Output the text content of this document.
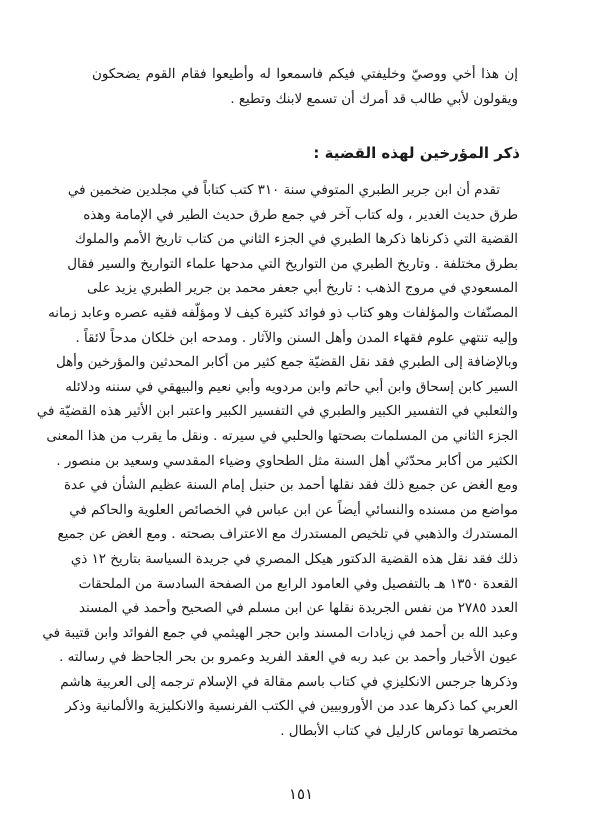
إن هذا أخي ووصيّ وخليفتي فيكم فاسمعوا له وأطيعوا فقام القوم يضحكون ويقولون لأبي طالب قد أمرك أن تسمع لابنك وتطيع .
ذكر المؤرخين لهذه القضية :
تقدم أن ابن جرير الطبري المتوفي سنة ٣١٠ كتب كتاباً في مجلدين ضخمين في
طرق حديث الغدير ، وله كتاب آخر في جمع طرق حديث الطير في الإمامة وهذه
القضية التي ذكرناها ذكرها الطبري في الجزء الثاني من كتاب تاريخ الأمم والملوك
بطرق مختلفة . وتاريخ الطبري من التواريخ التي مدحها علماء التواريخ والسير فقال
المسعودي في مروج الذهب : تاريخ أبي جعفر محمد بن جرير الطبري يزيد على
المصنّفات والمؤلفات وهو كتاب ذو فوائد كثيرة كيف لا ومؤلّفه فقيه عصره وعابد زمانه
وإليه تنتهي علوم فقهاء المدن وأهل السنن والآثار . ومدحه ابن خلكان مدحاً لائقاً .
وبالإضافة إلى الطبري فقد نقل القضيّة جمع كثير من أكابر المحدثين والمؤرخين وأهل
السير كابن إسحاق وابن أبي حاتم وابن مردويه وأبي نعيم والبيهقي في سننه ودلائله
والثعلبي في التفسير الكبير والطبري في التفسير الكبير واعتبر ابن الأثير هذه القضيّة في
الجزء الثاني من المسلمات بصحتها والحلبي في سيرته . ونقل ما يقرب من هذا المعنى
الكثير من أكابر محدّثي أهل السنة مثل الطحاوي وضياء المقدسي وسعيد بن منصور .
ومع الغض عن جميع ذلك فقد نقلها أحمد بن حنبل إمام السنة عظيم الشأن في عدة
مواضع من مسنده والنسائي أيضاً عن ابن عباس في الخصائص العلوية والحاكم في
المستدرك والذهبي في تلخيص المستدرك مع الاعتراف بصحته . ومع الغض عن جميع
ذلك فقد نقل هذه القضية الدكتور هيكل المصري في جريدة السياسة بتاريخ ١٢ ذي
القعدة ١٣٥٠ هـ بالتفصيل وفي العامود الرابع من الصفحة السادسة من الملحقات
العدد ٢٧٨٥ من نفس الجريدة نقلها عن ابن مسلم في الصحيح وأحمد في المسند
وعبد الله بن أحمد في زيادات المسند وابن حجر الهيثمي في جمع الفوائد وابن قتيبة في
عيون الأخبار وأحمد بن عبد ربه في العقد الفريد وعمرو بن بحر الجاحظ في رسالته .
وذكرها جرجس الانكليزي في كتاب باسم مقالة في الإسلام ترجمه إلى العربية هاشم
العربي كما ذكرها عدد من الأوروبيين في الكتب الفرنسية والانكليزية والألمانية وذكر
مختصرها توماس كارليل في كتاب الأبطال .
١٥١
